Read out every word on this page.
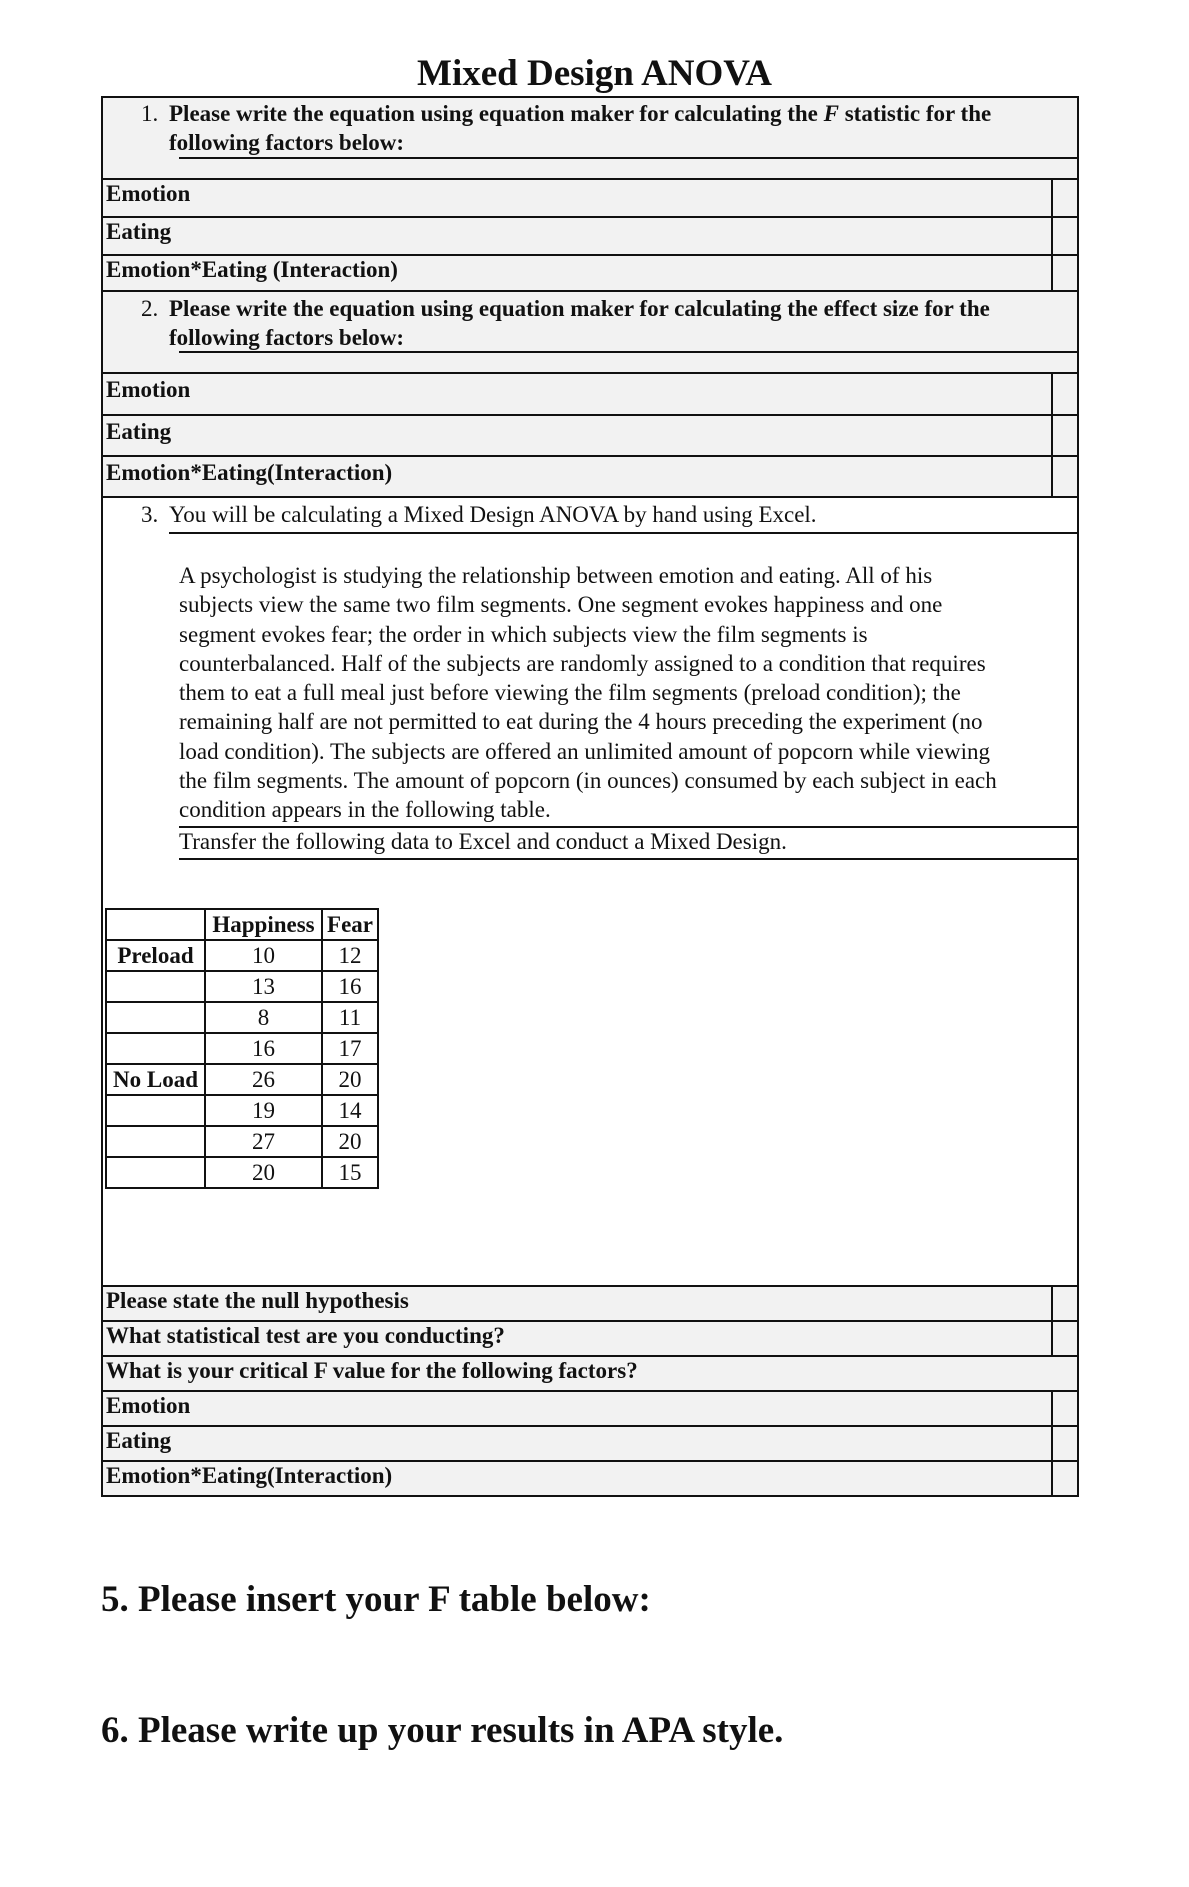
Mixed Design ANOVA
1. Please write the equation using equation maker for calculating the F statistic for the
following factors below:
Emotion
Eating
Emotion*Eating (Interaction)
2. Please write the equation using equation maker for calculating the effect size for the
following factors below:
Emotion
Eating
Emotion*Eating(Interaction)
3. You will be calculating a Mixed Design ANOVA by hand using Excel.
A psychologist is studying the relationship between emotion and eating. All of his
subjects view the same two film segments. One segment evokes happiness and one
segment evokes fear; the order in which subjects view the film segments is
counterbalanced. Half of the subjects are randomly assigned to a condition that requires
them to eat a full meal just before viewing the film segments (preload condition); the
remaining half are not permitted to eat during the 4 hours preceding the experiment (no
load condition). The subjects are offered an unlimited amount of popcorn while viewing
the film segments. The amount of popcorn (in ounces) consumed by each subject in each
condition appears in the following table.
Transfer the following data to Excel and conduct a Mixed Design.
	Happiness	Fear
Preload	10	12
	13	16
	8	11
	16	17
No Load	26	20
	19	14
	27	20
	20	15
Please state the null hypothesis
What statistical test are you conducting?
What is your critical F value for the following factors?
Emotion
Eating
Emotion*Eating(Interaction)
5. Please insert your F table below:
6. Please write up your results in APA style.
